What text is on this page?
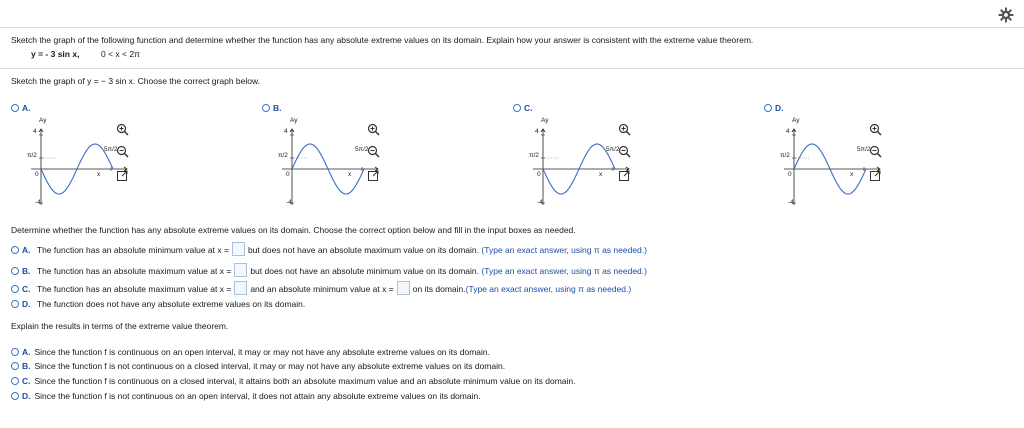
Sketch the graph of the following function and determine whether the function has any absolute extreme values on its domain. Explain how your answer is consistent with the extreme value theorem.
y = - 3 sin x,	0 < x < 2π
Sketch the graph of y = − 3 sin x. Choose the correct graph below.
A.
Ay
4
-4
x
0
π/2
5π/2
B.
Ay
4
-4
x
0
π/2
5π/2
C.
Ay
4
-4
x
0
π/2
5π/2
D.
Ay
4
-4
x
0
π/2
5π/2
Determine whether the function has any absolute extreme values on its domain. Choose the correct option below and fill in the input boxes as needed.
A. The function has an absolute minimum value at x = but does not have an absolute maximum value on its domain. (Type an exact answer, using π as needed.)
B. The function has an absolute maximum value at x = but does not have an absolute minimum value on its domain. (Type an exact answer, using π as needed.)
C. The function has an absolute maximum value at x = and an absolute minimum value at x = on its domain.(Type an exact answer, using π as needed.)
D. The function does not have any absolute extreme values on its domain.
Explain the results in terms of the extreme value theorem.
A. Since the function f is continuous on an open interval, it may or may not have any absolute extreme values on its domain.
B. Since the function f is not continuous on a closed interval, it may or may not have any absolute extreme values on its domain.
C. Since the function f is continuous on a closed interval, it attains both an absolute maximum value and an absolute minimum value on its domain.
D. Since the function f is not continuous on an open interval, it does not attain any absolute extreme values on its domain.
